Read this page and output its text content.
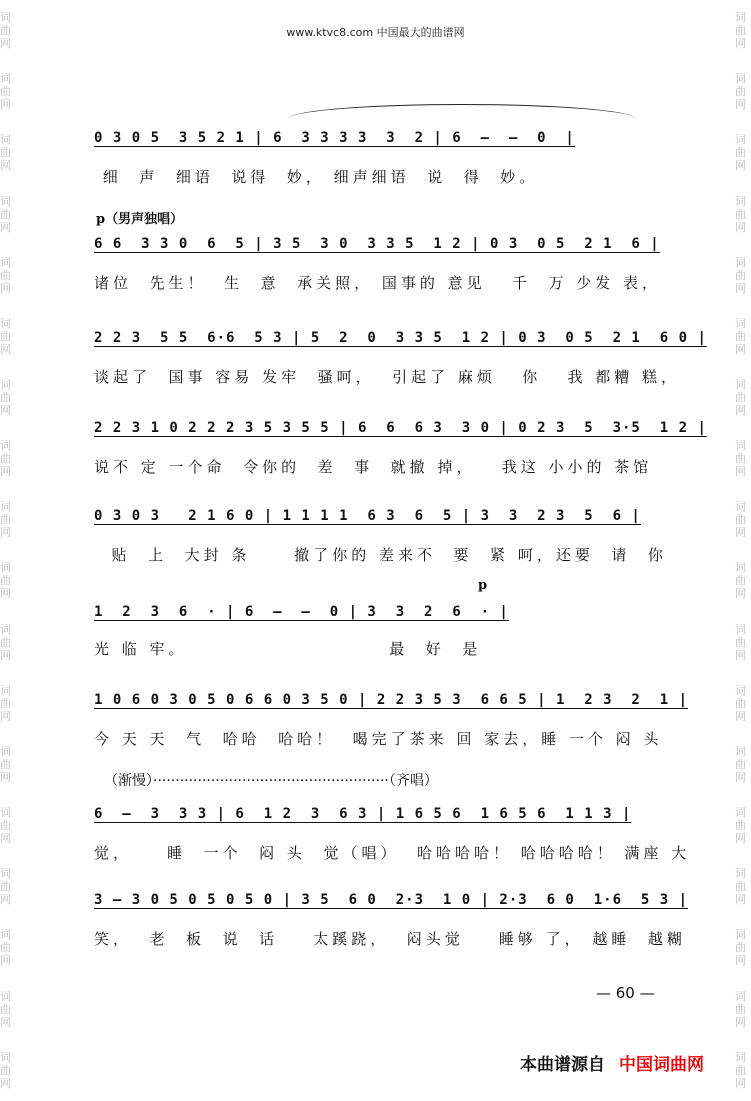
词曲网
词曲网
词曲网
词曲网
词曲网
词曲网
词曲网
词曲网
词曲网
词曲网
词曲网
词曲网
词曲网
词曲网
词曲网
词曲网
词曲网
词曲网
词曲网
词曲网
词曲网
词曲网
词曲网
词曲网
词曲网
词曲网
词曲网
词曲网
词曲网
词曲网
词曲网
词曲网
词曲网
词曲网
词曲网
词曲网
www.ktvc8.com 中国最大的曲谱网
0 3 0 5  3 5 2 1 | 6  3 3 3 3  3  2 | 6  —  —  0  |
细  声  细语  说得  妙， 细声细语  说  得  妙。
p（男声独唱）
6 6  3 3 0  6  5 | 3 5  3 0  3 3 5  1 2 | 0 3  0 5  2 1  6 |
诸位  先生！  生  意  承关照， 国事的 意见   千  万 少发 表，
2 2 3  5 5  6·6  5 3 | 5  2  0  3 3 5  1 2 | 0 3  0 5  2 1  6 0 |
谈起了  国事 容易 发牢  骚呵，  引起了 麻烦   你   我 都糟 糕，
2 2 3 1 0 2 2 2 3 5 3 5 5 | 6  6  6 3  3 0 | 0 2 3  5  3·5  1 2 |
说不 定 一个命  令你的  差  事  就撤 掉，   我这 小小的 茶馆
0 3 0 3   2 1 6 0 | 1 1 1 1  6 3  6  5 | 3  3  2 3  5  6 |
贴  上  大封 条     撤了你的 差来不  要  紧 呵，还要  请  你
1  2  3  6  · | 6  —  —  0 | 3  3  2  6  · |
光 临 牢。                       最  好  是
p
1 0 6 0 3 0 5 0 6 6 0 3 5 0 | 2 2 3 5 3  6 6 5 | 1  2 3  2  1 |
今 天 天  气  哈哈  哈哈！  喝完了茶来 回 家去，睡 一个 闷 头
（渐慢）·····················································（齐唱）
6  —  3  3 3 | 6  1 2  3  6 3 | 1 6 5 6  1 6 5 6  1 1 3 |
觉，    睡  一个  闷 头  觉（唱）  哈哈哈哈！ 哈哈哈哈！ 满座 大
3 — 3 0 5 0 5 0 5 0 | 3 5  6 0  2·3  1 0 | 2·3  6 0  1·6  5 3 |
笑，  老  板  说  话    太蹊跷，  闷头觉    睡够 了， 越睡  越糊
— 60 —
本曲谱源自 中国词曲网
